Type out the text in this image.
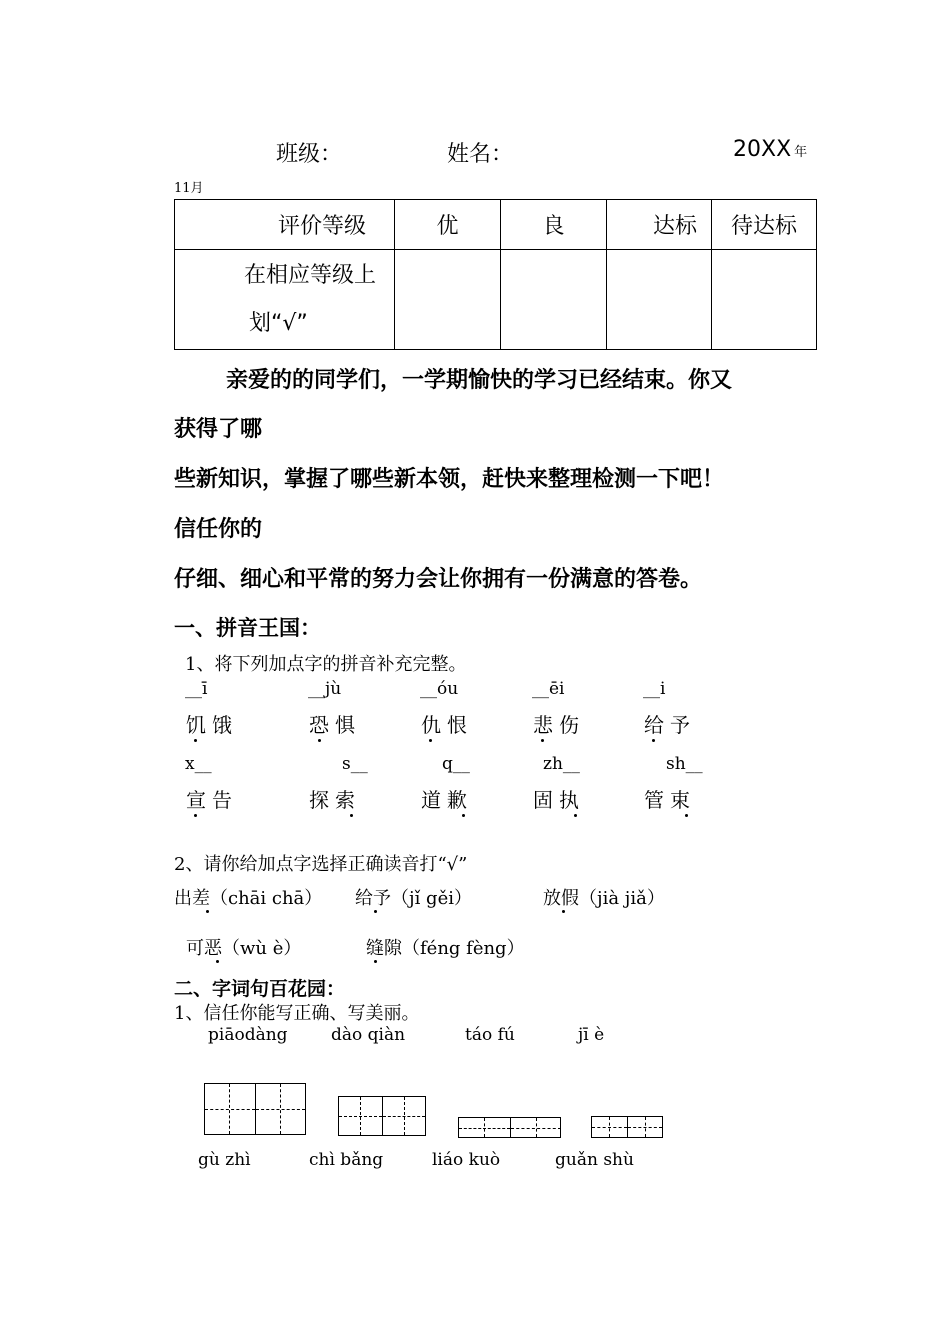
班级：	姓名：	20XX 年
11月
评价等级	优	良	达标	待达标

在相应等级上
划“√”				

亲爱的的同学们，一学期愉快的学习已经结束。你又
获得了哪
些新知识，掌握了哪些新本领，赶快来整理检测一下吧！
信任你的
仔细、细心和平常的努力会让你拥有一份满意的答卷。
一、拼音王国：
1、将下列加点字的拼音补充完整。
__ī	__jù	__óu	__ēi	__i
饥饿	恐惧	仇恨	悲伤	给予
x__	s__	q__	zh__	sh__
宣告	探索	道歉	固执	管束
2、请你给加点字选择正确读音打“√”
出差（chāi chā） 给予（jǐ gěi）	放假（jià jiǎ）
可恶（wù è）	缝隙（féng fèng）
二、字词句百花园：
1、信任你能写正确、写美丽。
piāodàng	dào qiàn	táo fú	jī è
gù zhì	chì bǎng	liáo kuò	guǎn shù
